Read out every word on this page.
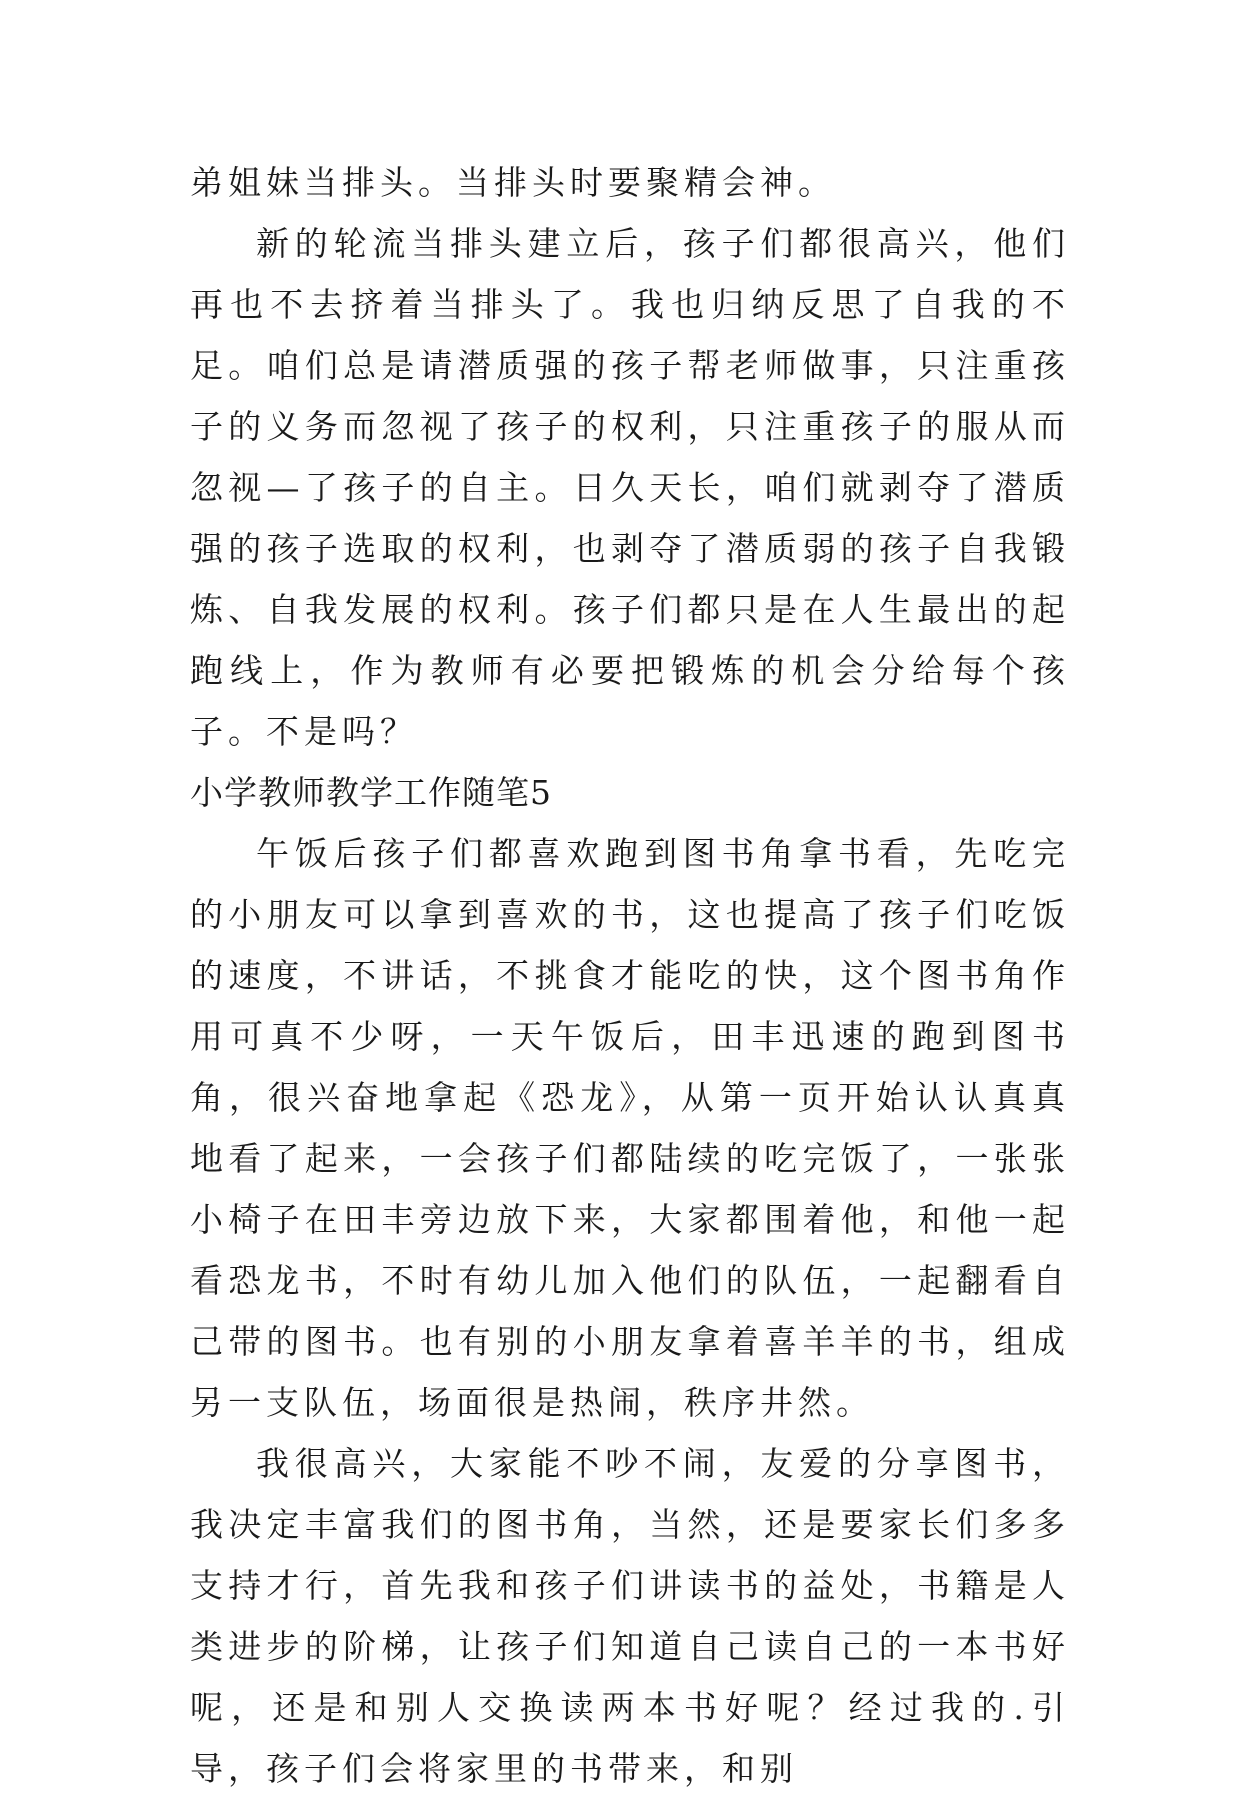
弟姐妹当排头。当排头时要聚精会神。

新的轮流当排头建立后，孩子们都很高兴，他们再也不去挤着当排头了。我也归纳反思了自我的不足。咱们总是请潜质强的孩子帮老师做事，只注重孩子的义务而忽视了孩子的权利，只注重孩子的服从而忽视—了孩子的自主。日久天长，咱们就剥夺了潜质强的孩子选取的权利，也剥夺了潜质弱的孩子自我锻炼、自我发展的权利。孩子们都只是在人生最出的起跑线上，作为教师有必要把锻炼的机会分给每个孩子。不是吗？

小学教师教学工作随笔5

午饭后孩子们都喜欢跑到图书角拿书看，先吃完的小朋友可以拿到喜欢的书，这也提高了孩子们吃饭的速度，不讲话，不挑食才能吃的快，这个图书角作用可真不少呀，一天午饭后，田丰迅速的跑到图书角，很兴奋地拿起《恐龙》，从第一页开始认认真真地看了起来，一会孩子们都陆续的吃完饭了，一张张小椅子在田丰旁边放下来，大家都围着他，和他一起看恐龙书，不时有幼儿加入他们的队伍，一起翻看自己带的图书。也有别的小朋友拿着喜羊羊的书，组成另一支队伍，场面很是热闹，秩序井然。

我很高兴，大家能不吵不闹，友爱的分享图书，我决定丰富我们的图书角，当然，还是要家长们多多支持才行，首先我和孩子们讲读书的益处，书籍是人类进步的阶梯，让孩子们知道自己读自己的一本书好呢，还是和别人交换读两本书好呢？经过我的.引导，孩子们会将家里的书带来，和别
